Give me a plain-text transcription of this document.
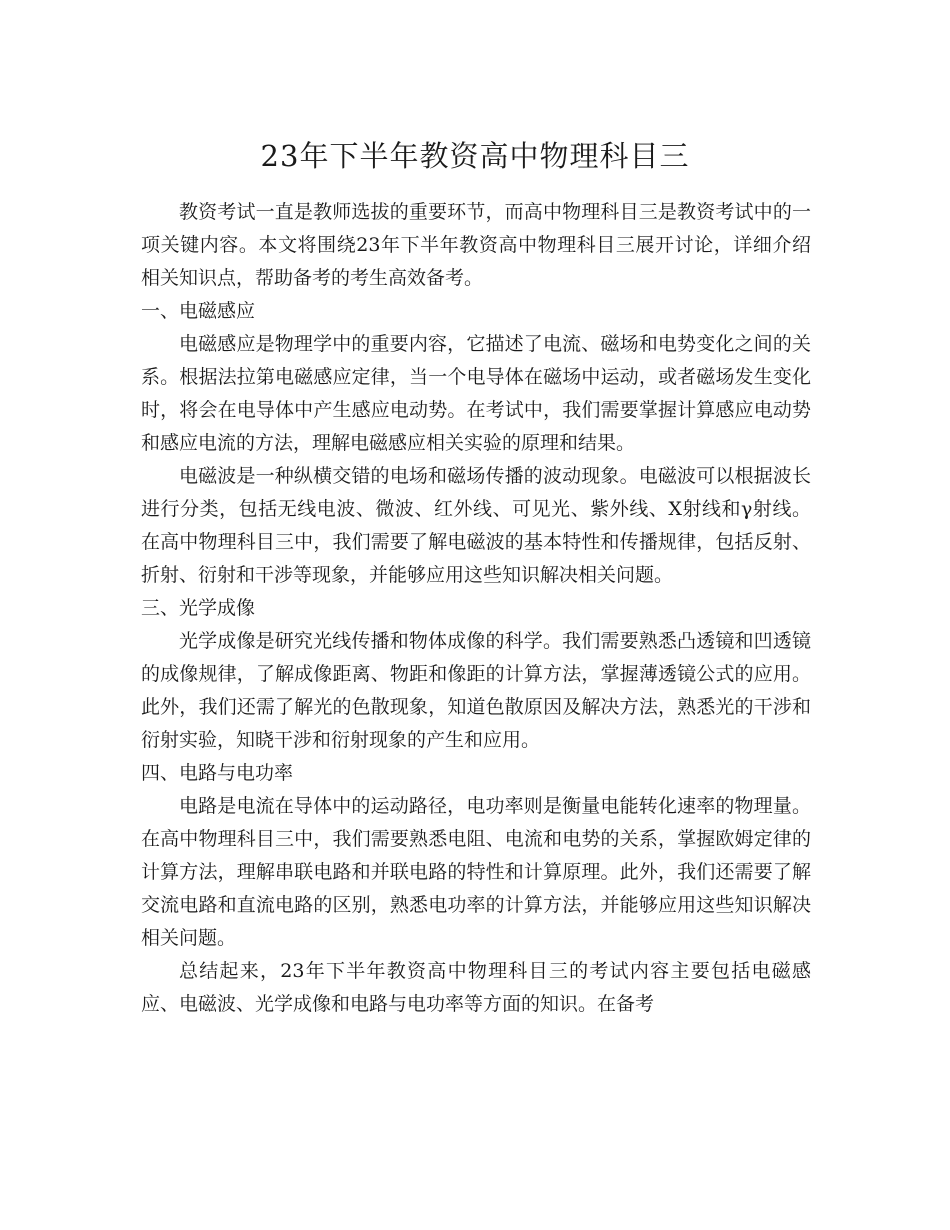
23年下半年教资高中物理科目三

教资考试一直是教师选拔的重要环节，而高中物理科目三是教资考试中的一项关键内容。本文将围绕23年下半年教资高中物理科目三展开讨论，详细介绍相关知识点，帮助备考的考生高效备考。

一、电磁感应

电磁感应是物理学中的重要内容，它描述了电流、磁场和电势变化之间的关系。根据法拉第电磁感应定律，当一个电导体在磁场中运动，或者磁场发生变化时，将会在电导体中产生感应电动势。在考试中，我们需要掌握计算感应电动势和感应电流的方法，理解电磁感应相关实验的原理和结果。

电磁波是一种纵横交错的电场和磁场传播的波动现象。电磁波可以根据波长进行分类，包括无线电波、微波、红外线、可见光、紫外线、X射线和γ射线。在高中物理科目三中，我们需要了解电磁波的基本特性和传播规律，包括反射、折射、衍射和干涉等现象，并能够应用这些知识解决相关问题。

三、光学成像

光学成像是研究光线传播和物体成像的科学。我们需要熟悉凸透镜和凹透镜的成像规律，了解成像距离、物距和像距的计算方法，掌握薄透镜公式的应用。此外，我们还需了解光的色散现象，知道色散原因及解决方法，熟悉光的干涉和衍射实验，知晓干涉和衍射现象的产生和应用。

四、电路与电功率

电路是电流在导体中的运动路径，电功率则是衡量电能转化速率的物理量。在高中物理科目三中，我们需要熟悉电阻、电流和电势的关系，掌握欧姆定律的计算方法，理解串联电路和并联电路的特性和计算原理。此外，我们还需要了解交流电路和直流电路的区别，熟悉电功率的计算方法，并能够应用这些知识解决相关问题。

总结起来，23年下半年教资高中物理科目三的考试内容主要包括电磁感应、电磁波、光学成像和电路与电功率等方面的知识。在备考
